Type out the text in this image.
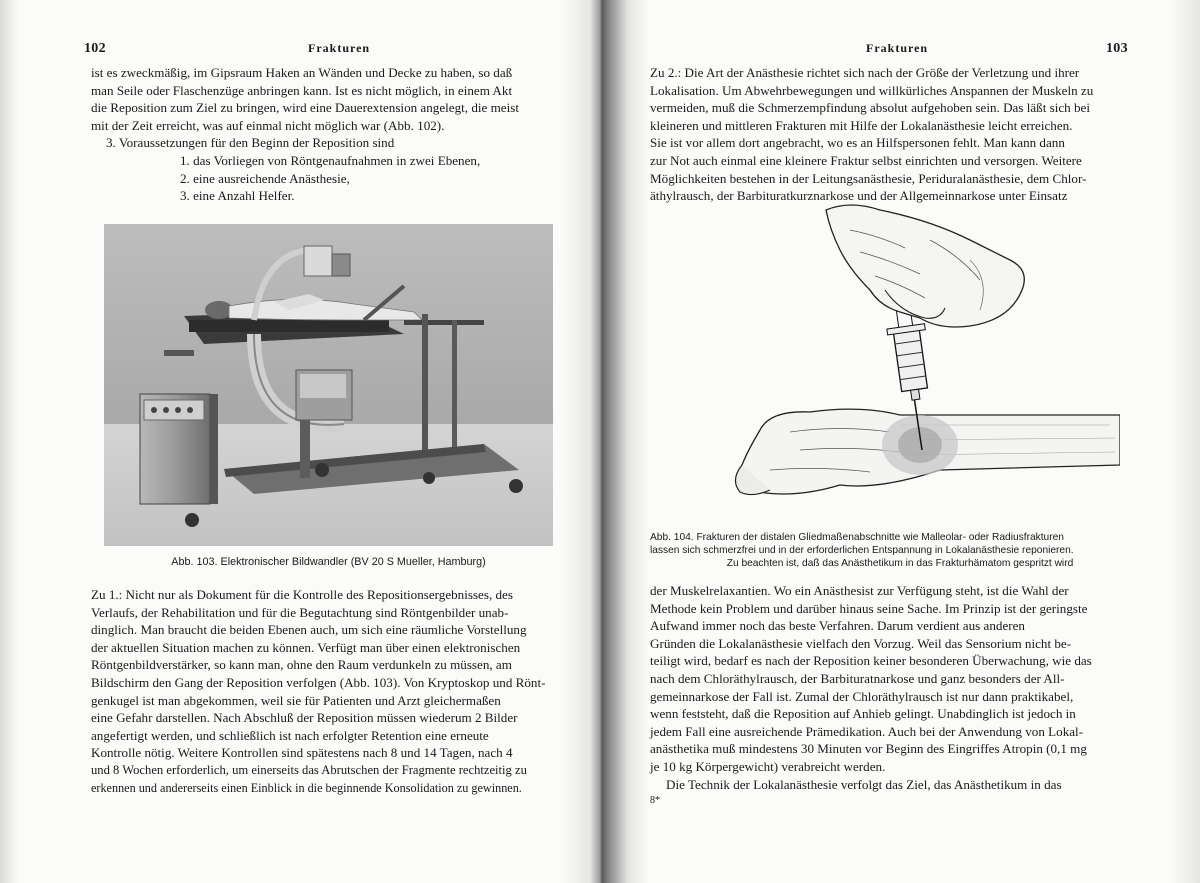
102	Frakturen
ist es zweckmäßig, im Gipsraum Haken an Wänden und Decke zu haben, so daß
man Seile oder Flaschenzüge anbringen kann. Ist es nicht möglich, in einem Akt
die Reposition zum Ziel zu bringen, wird eine Dauerextension angelegt, die meist
mit der Zeit erreicht, was auf einmal nicht möglich war (Abb. 102).
3. Voraussetzungen für den Beginn der Reposition sind
1. das Vorliegen von Röntgenaufnahmen in zwei Ebenen,
2. eine ausreichende Anästhesie,
3. eine Anzahl Helfer.
Abb. 103. Elektronischer Bildwandler (BV 20 S Mueller, Hamburg)
Zu 1.: Nicht nur als Dokument für die Kontrolle des Repositionsergebnisses, des
Verlaufs, der Rehabilitation und für die Begutachtung sind Röntgenbilder unab-
dinglich. Man braucht die beiden Ebenen auch, um sich eine räumliche Vorstellung
der aktuellen Situation machen zu können. Verfügt man über einen elektronischen
Röntgenbildverstärker, so kann man, ohne den Raum verdunkeln zu müssen, am
Bildschirm den Gang der Reposition verfolgen (Abb. 103). Von Kryptoskop und Rönt-
genkugel ist man abgekommen, weil sie für Patienten und Arzt gleichermaßen
eine Gefahr darstellen. Nach Abschluß der Reposition müssen wiederum 2 Bilder
angefertigt werden, und schließlich ist nach erfolgter Retention eine erneute
Kontrolle nötig. Weitere Kontrollen sind spätestens nach 8 und 14 Tagen, nach 4
und 8 Wochen erforderlich, um einerseits das Abrutschen der Fragmente rechtzeitig zu
erkennen und andererseits einen Einblick in die beginnende Konsolidation zu gewinnen.
Frakturen	103
Zu 2.: Die Art der Anästhesie richtet sich nach der Größe der Verletzung und ihrer
Lokalisation. Um Abwehrbewegungen und willkürliches Anspannen der Muskeln zu
vermeiden, muß die Schmerzempfindung absolut aufgehoben sein. Das läßt sich bei
kleineren und mittleren Frakturen mit Hilfe der Lokalanästhesie leicht erreichen.
Sie ist vor allem dort angebracht, wo es an Hilfspersonen fehlt. Man kann dann
zur Not auch einmal eine kleinere Fraktur selbst einrichten und versorgen. Weitere
Möglichkeiten bestehen in der Leitungsanästhesie, Periduralanästhesie, dem Chlor-
äthylrausch, der Barbituratkurznarkose und der Allgemeinnarkose unter Einsatz
Abb. 104. Frakturen der distalen Gliedmaßenabschnitte wie Malleolar- oder Radiusfrakturen
lassen sich schmerzfrei und in der erforderlichen Entspannung in Lokalanästhesie reponieren.
Zu beachten ist, daß das Anästhetikum in das Frakturhämatom gespritzt wird
der Muskelrelaxantien. Wo ein Anästhesist zur Verfügung steht, ist die Wahl der
Methode kein Problem und darüber hinaus seine Sache. Im Prinzip ist der geringste
Aufwand immer noch das beste Verfahren. Darum verdient aus anderen
Gründen die Lokalanästhesie vielfach den Vorzug. Weil das Sensorium nicht be-
teiligt wird, bedarf es nach der Reposition keiner besonderen Überwachung, wie das
nach dem Chloräthylrausch, der Barbituratnarkose und ganz besonders der All-
gemeinnarkose der Fall ist. Zumal der Chloräthylrausch ist nur dann praktikabel,
wenn feststeht, daß die Reposition auf Anhieb gelingt. Unabdinglich ist jedoch in
jedem Fall eine ausreichende Prämedikation. Auch bei der Anwendung von Lokal-
anästhetika muß mindestens 30 Minuten vor Beginn des Eingriffes Atropin (0,1 mg
je 10 kg Körpergewicht) verabreicht werden.
Die Technik der Lokalanästhesie verfolgt das Ziel, das Anästhetikum in das
8*
